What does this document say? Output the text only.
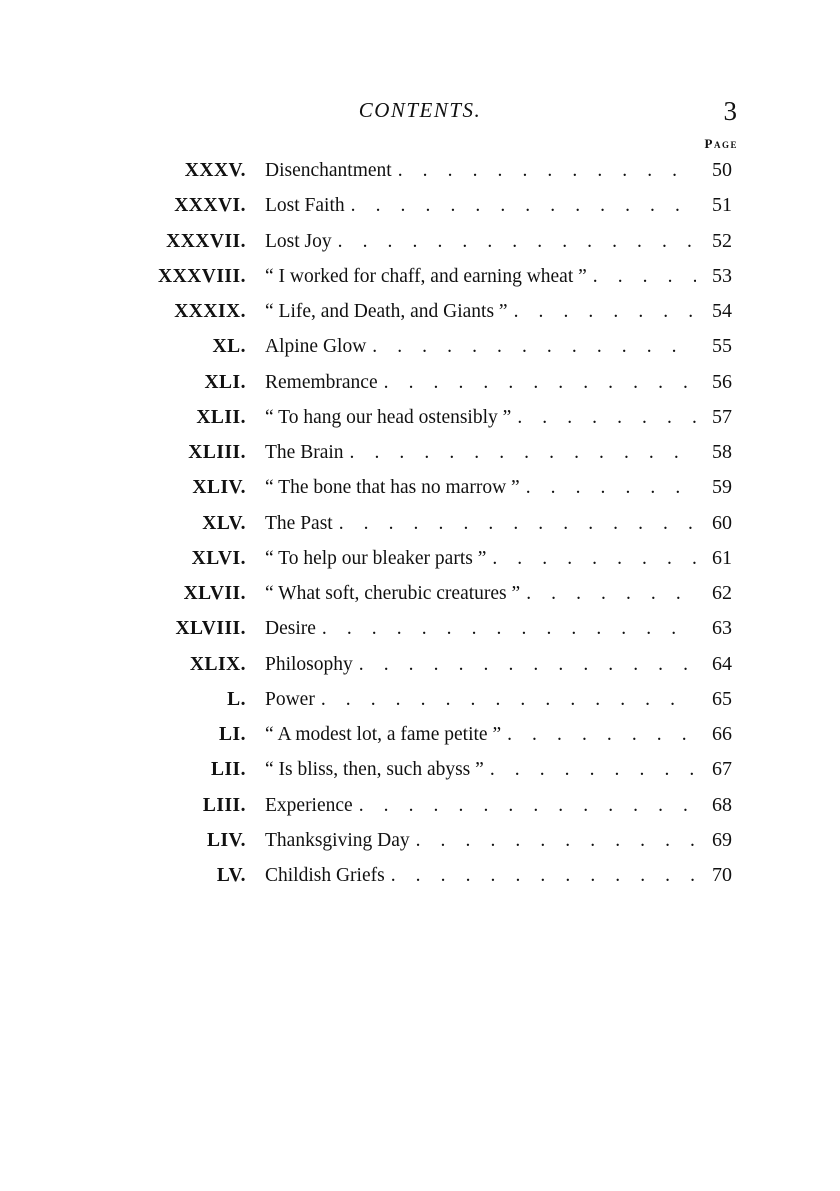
CONTENTS.	3
Page
XXXV. Disenchantment . . .	50
XXXVI. Lost Faith . . .	51
XXXVII. Lost Joy . . .	52
XXXVIII. “ I worked for chaff, and earning wheat ” . . .	53
XXXIX. “ Life, and Death, and Giants ” . . .	54
XL. Alpine Glow . . .	55
XLI. Remembrance . . .	56
XLII. “ To hang our head ostensibly ” . . .	57
XLIII. The Brain . . .	58
XLIV. “ The bone that has no marrow ” . . .	59
XLV. The Past . . .	60
XLVI. “ To help our bleaker parts ” . . .	61
XLVII. “ What soft, cherubic creatures ” . . .	62
XLVIII. Desire . . .	63
XLIX. Philosophy . . .	64
L. Power . . .	65
LI. “ A modest lot, a fame petite ” . . .	66
LII. “ Is bliss, then, such abyss ” . . .	67
LIII. Experience . . .	68
LIV. Thanksgiving Day . . .	69
LV. Childish Griefs . . .	70
